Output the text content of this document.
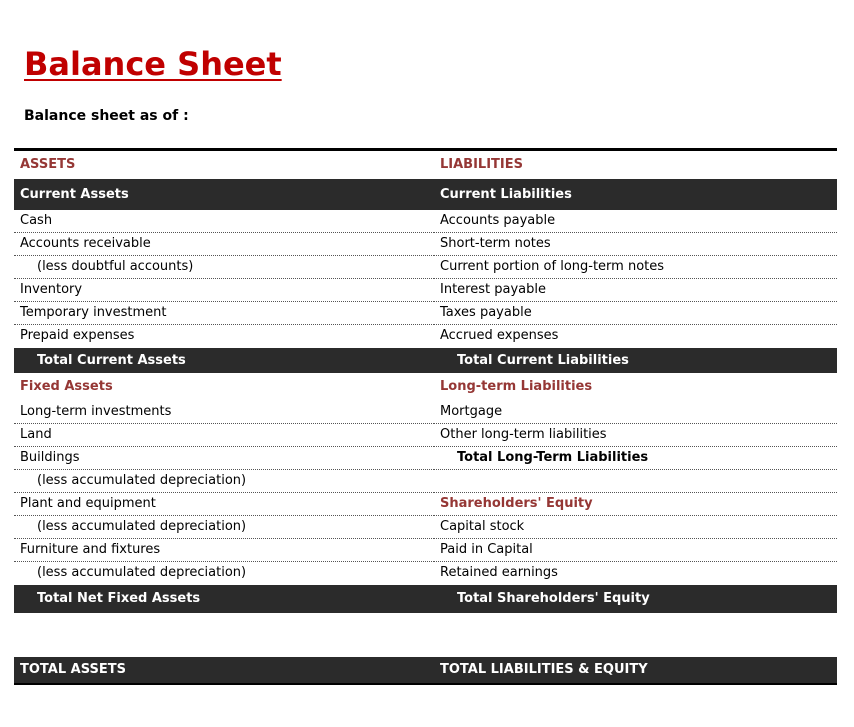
Balance Sheet
Balance sheet as of :
ASSETS	LIABILITIES
Current Assets	Current Liabilities
Cash	Accounts payable
Accounts receivable	Short-term notes
(less doubtful accounts)	Current portion of long-term notes
Inventory	Interest payable
Temporary investment	Taxes payable
Prepaid expenses	Accrued expenses
Total Current Assets	Total Current Liabilities
Fixed Assets	Long-term Liabilities
Long-term investments	Mortgage
Land	Other long-term liabilities
Buildings	Total Long-Term Liabilities
(less accumulated depreciation)
Plant and equipment	Shareholders' Equity
(less accumulated depreciation)	Capital stock
Furniture and fixtures	Paid in Capital
(less accumulated depreciation)	Retained earnings
Total Net Fixed Assets	Total Shareholders' Equity
TOTAL ASSETS	TOTAL LIABILITIES & EQUITY
